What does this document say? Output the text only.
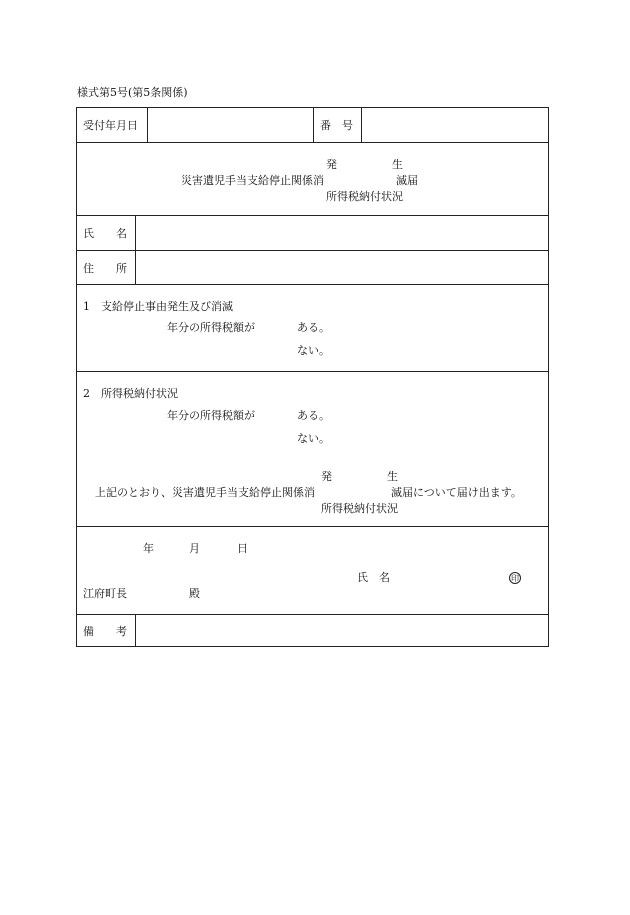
様式第5号(第5条関係)
受付年月日	番　号
発　　　　　生
災害遺児手当支給停止関係消	滅届
所得税納付状況
氏　　名
住　　所
1　支給停止事由発生及び消滅
年分の所得税額が	ある。
ない。
2　所得税納付状況
年分の所得税額が	ある。
ない。
発　　　　　生
上記のとおり、災害遺児手当支給停止関係消	滅届について届け出ます。
所得税納付状況
年	月	日
氏　名	印
江府町長	殿
備　　考
